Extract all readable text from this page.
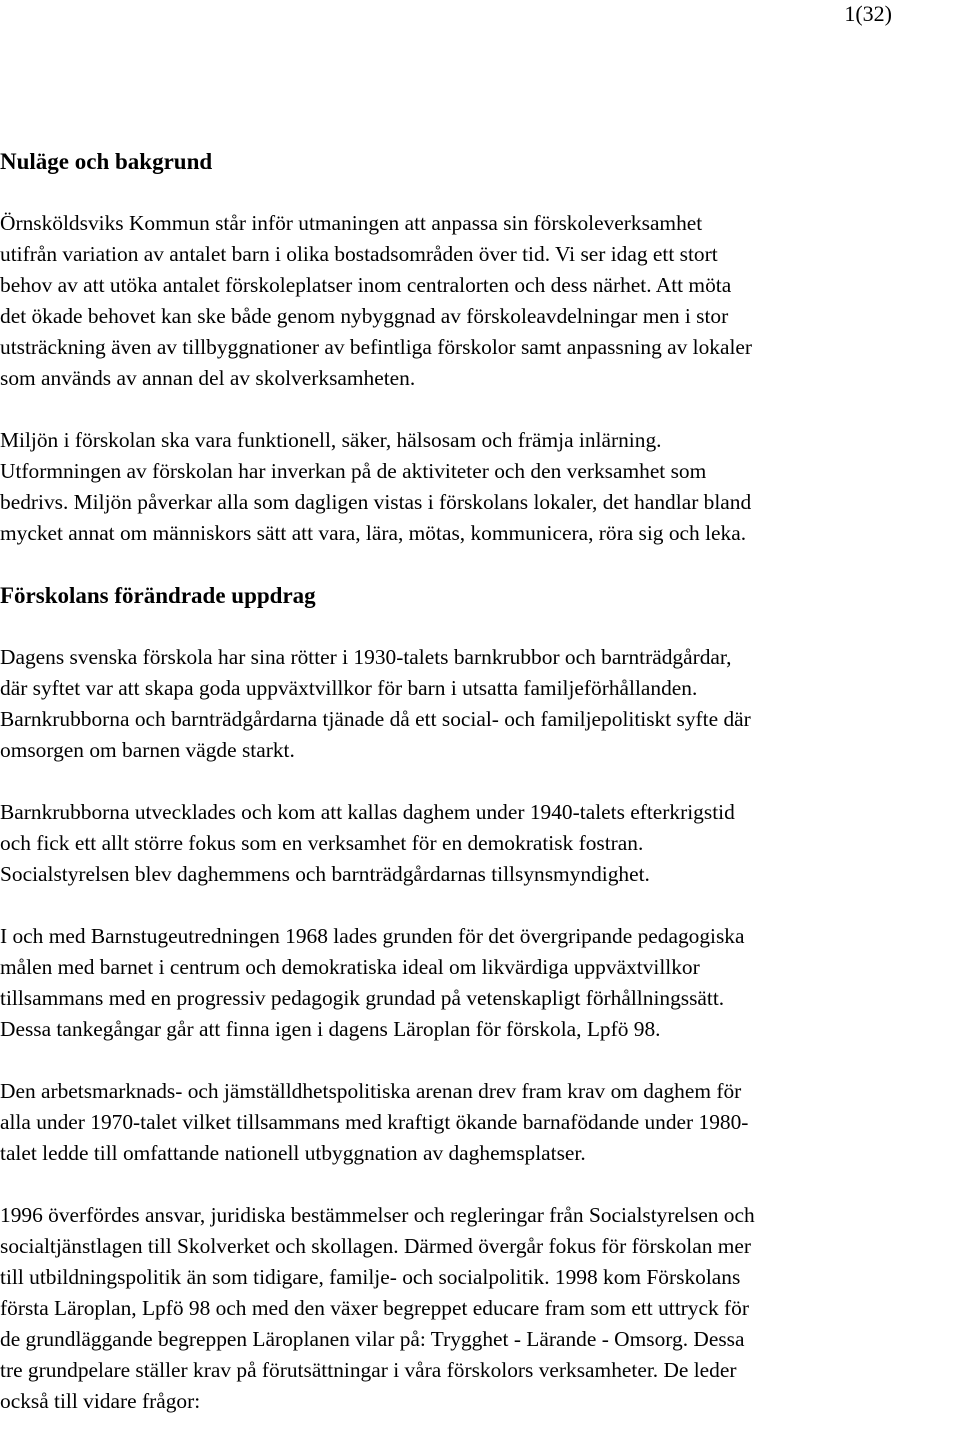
1(32)
Nuläge och bakgrund

Örnsköldsviks Kommun står inför utmaningen att anpassa sin förskoleverksamhet
utifrån variation av antalet barn i olika bostadsområden över tid. Vi ser idag ett stort
behov av att utöka antalet förskoleplatser inom centralorten och dess närhet. Att möta
det ökade behovet kan ske både genom nybyggnad av förskoleavdelningar men i stor
utsträckning även av tillbyggnationer av befintliga förskolor samt anpassning av lokaler
som används av annan del av skolverksamheten.

Miljön i förskolan ska vara funktionell, säker, hälsosam och främja inlärning.
Utformningen av förskolan har inverkan på de aktiviteter och den verksamhet som
bedrivs. Miljön påverkar alla som dagligen vistas i förskolans lokaler, det handlar bland
mycket annat om människors sätt att vara, lära, mötas, kommunicera, röra sig och leka.

Förskolans förändrade uppdrag

Dagens svenska förskola har sina rötter i 1930-talets barnkrubbor och barnträdgårdar,
där syftet var att skapa goda uppväxtvillkor för barn i utsatta familjeförhållanden.
Barnkrubborna och barnträdgårdarna tjänade då ett social- och familjepolitiskt syfte där
omsorgen om barnen vägde starkt.

Barnkrubborna utvecklades och kom att kallas daghem under 1940-talets efterkrigstid
och fick ett allt större fokus som en verksamhet för en demokratisk fostran.
Socialstyrelsen blev daghemmens och barnträdgårdarnas tillsynsmyndighet.

I och med Barnstugeutredningen 1968 lades grunden för det övergripande pedagogiska
målen med barnet i centrum och demokratiska ideal om likvärdiga uppväxtvillkor
tillsammans med en progressiv pedagogik grundad på vetenskapligt förhållningssätt.
Dessa tankegångar går att finna igen i dagens Läroplan för förskola, Lpfö 98.

Den arbetsmarknads- och jämställdhetspolitiska arenan drev fram krav om daghem för
alla under 1970-talet vilket tillsammans med kraftigt ökande barnafödande under 1980-
talet ledde till omfattande nationell utbyggnation av daghemsplatser.

1996 överfördes ansvar, juridiska bestämmelser och regleringar från Socialstyrelsen och
socialtjänstlagen till Skolverket och skollagen. Därmed övergår fokus för förskolan mer
till utbildningspolitik än som tidigare, familje- och socialpolitik. 1998 kom Förskolans
första Läroplan, Lpfö 98 och med den växer begreppet educare fram som ett uttryck för
de grundläggande begreppen Läroplanen vilar på: Trygghet - Lärande - Omsorg. Dessa
tre grundpelare ställer krav på förutsättningar i våra förskolors verksamheter. De leder
också till vidare frågor:
